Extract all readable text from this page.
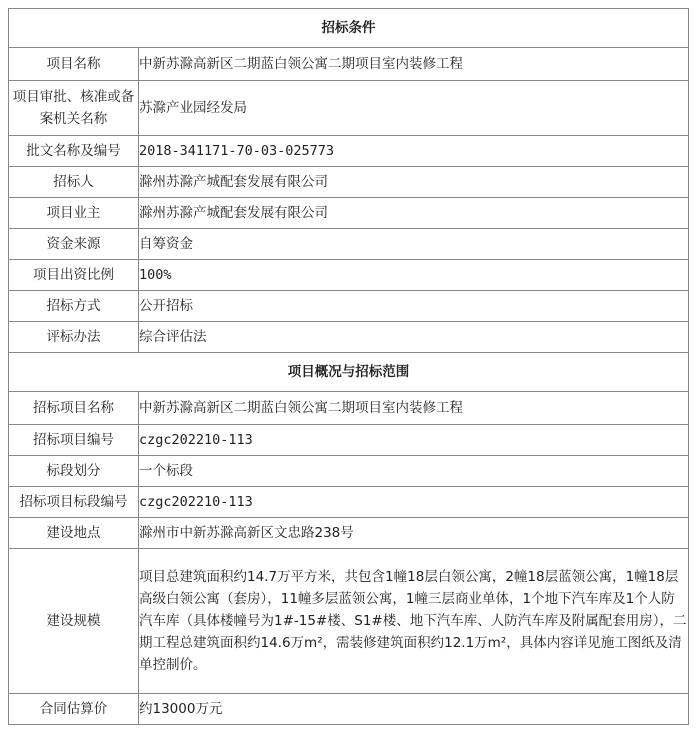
招标条件	
项目名称	中新苏滁高新区二期蓝白领公寓二期项目室内装修工程
项目审批、核准或备案机关名称	苏滁产业园经发局
批文名称及编号	2018-341171-70-03-025773
招标人	滁州苏滁产城配套发展有限公司
项目业主	滁州苏滁产城配套发展有限公司
资金来源	自筹资金
项目出资比例	100%
招标方式	公开招标
评标办法	综合评估法
项目概况与招标范围	
招标项目名称	中新苏滁高新区二期蓝白领公寓二期项目室内装修工程
招标项目编号	czgc202210-113
标段划分	一个标段
招标项目标段编号	czgc202210-113
建设地点	滁州市中新苏滁高新区文忠路238号
建设规模	项目总建筑面积约14.7万平方米，共包含1幢18层白领公寓，2幢18层蓝领公寓，1幢18层高级白领公寓（套房），11幢多层蓝领公寓，1幢三层商业单体，1个地下汽车库及1个人防汽车库（具体楼幢号为1#-15#楼、S1#楼、地下汽车库、人防汽车库及附属配套用房），二期工程总建筑面积约14.6万m²，需装修建筑面积约12.1万m²，具体内容详见施工图纸及清单控制价。
合同估算价	约13000万元
